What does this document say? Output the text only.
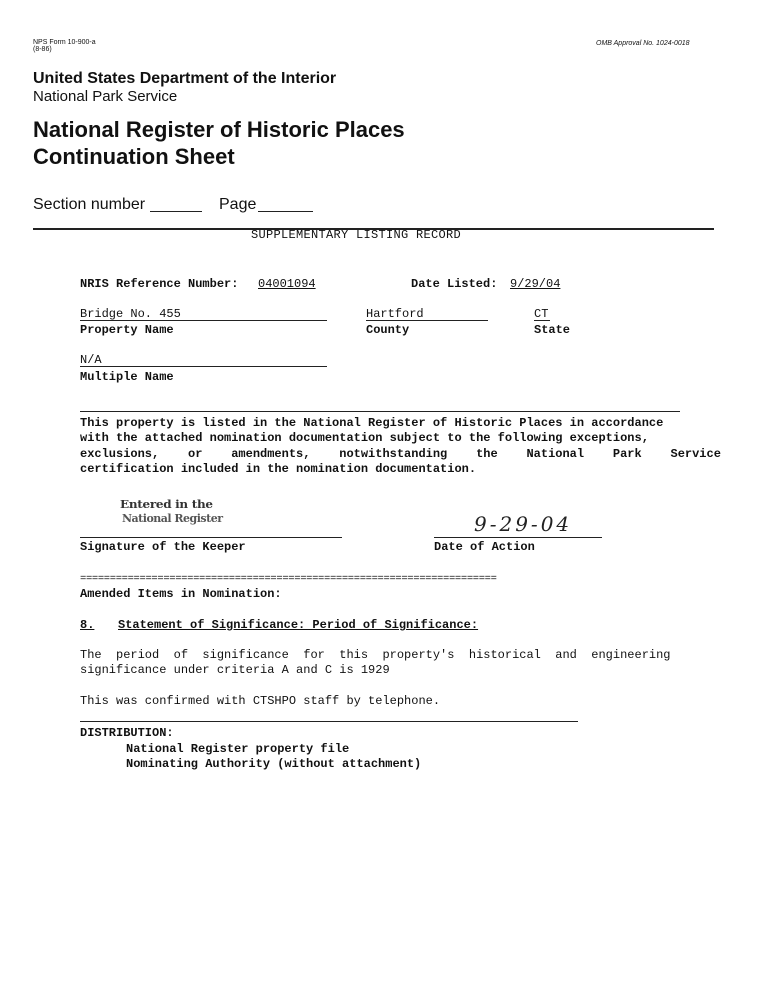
NPS Form 10-900-a
(8-86)
OMB Approval No. 1024-0018
United States Department of the Interior
National Park Service
National Register of Historic Places
Continuation Sheet
Section number	Page
SUPPLEMENTARY LISTING RECORD
NRIS Reference Number: 04001094	Date Listed: 9/29/04
Bridge No. 455
Property Name
Hartford
County
CT
State
N/A
Multiple Name
This property is listed in the National Register of Historic Places in accordance
with the attached nomination documentation subject to the following exceptions,
exclusions,    or    amendments,    notwithstanding    the    National    Park    Service
certification included in the nomination documentation.
Entered in the
National Register
Signature of the Keeper
9-29-04
Date of Action
======================================================================
Amended Items in Nomination:
8. Statement of Significance: Period of Significance:
The  period  of  significance  for  this  property's  historical  and  engineering
significance under criteria A and C is 1929
This was confirmed with CTSHPO staff by telephone.
DISTRIBUTION:
National Register property file
Nominating Authority (without attachment)
